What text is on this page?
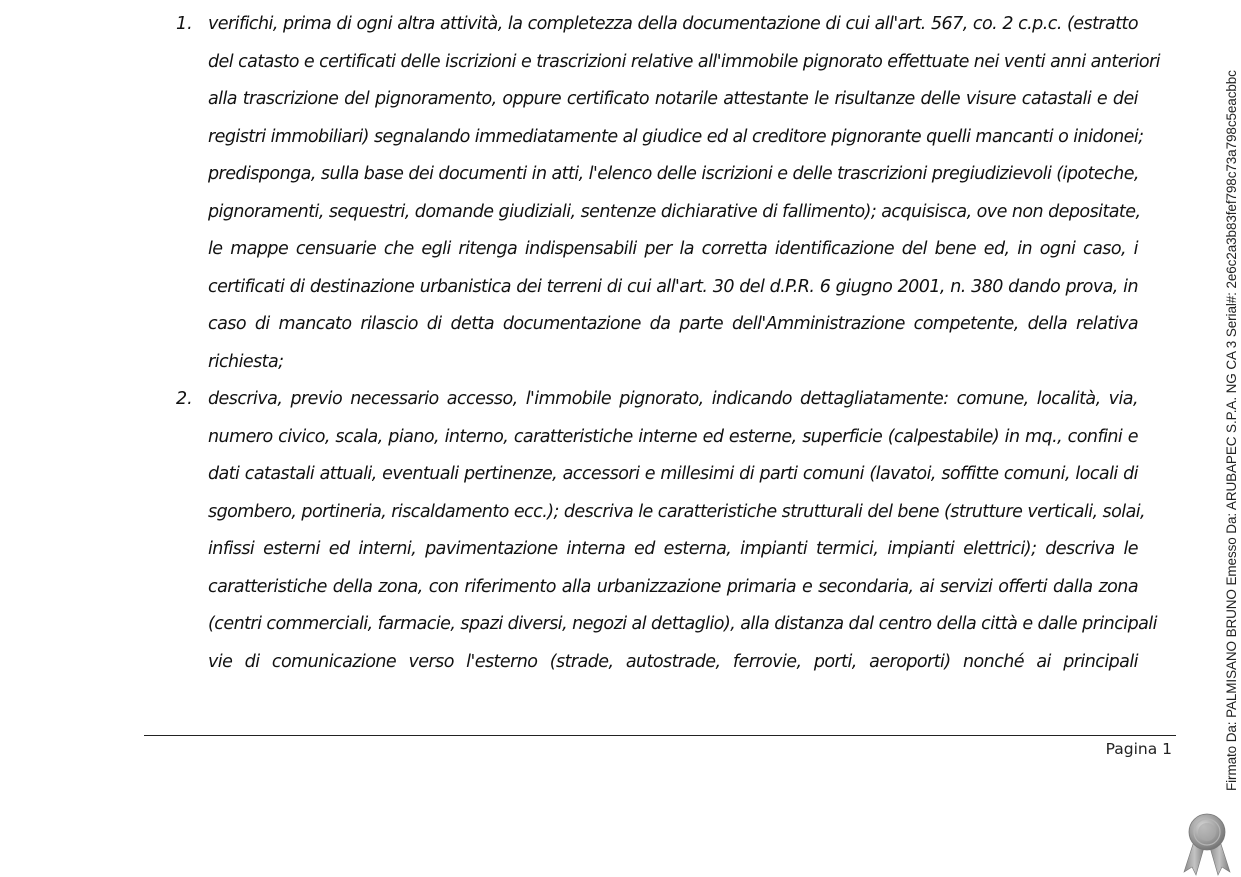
1. verifichi, prima di ogni altra attività, la completezza della documentazione di cui all'art. 567, co. 2 c.p.c. (estratto
del catasto e certificati delle iscrizioni e trascrizioni relative all'immobile pignorato effettuate nei venti anni anteriori
alla trascrizione del pignoramento, oppure certificato notarile attestante le risultanze delle visure catastali e dei
registri immobiliari) segnalando immediatamente al giudice ed al creditore pignorante quelli mancanti o inidonei;
predisponga, sulla base dei documenti in atti, l'elenco delle iscrizioni e delle trascrizioni pregiudizievoli (ipoteche,
pignoramenti, sequestri, domande giudiziali, sentenze dichiarative di fallimento); acquisisca, ove non depositate,
le mappe censuarie che egli ritenga indispensabili per la corretta identificazione del bene ed, in ogni caso, i
certificati di destinazione urbanistica dei terreni di cui all'art. 30 del d.P.R. 6 giugno 2001, n. 380 dando prova, in
caso di mancato rilascio di detta documentazione da parte dell'Amministrazione competente, della relativa
richiesta;
2. descriva, previo necessario accesso, l'immobile pignorato, indicando dettagliatamente: comune, località, via,
numero civico, scala, piano, interno, caratteristiche interne ed esterne, superficie (calpestabile) in mq., confini e
dati catastali attuali, eventuali pertinenze, accessori e millesimi di parti comuni (lavatoi, soffitte comuni, locali di
sgombero, portineria, riscaldamento ecc.); descriva le caratteristiche strutturali del bene (strutture verticali, solai,
infissi esterni ed interni, pavimentazione interna ed esterna, impianti termici, impianti elettrici); descriva le
caratteristiche della zona, con riferimento alla urbanizzazione primaria e secondaria, ai servizi offerti dalla zona
(centri commerciali, farmacie, spazi diversi, negozi al dettaglio), alla distanza dal centro della città e dalle principali
vie di comunicazione verso l'esterno (strade, autostrade, ferrovie, porti, aeroporti) nonché ai principali
Pagina 1	Firmato Da: PALMISANO BRUNO Emesso Da: ARUBAPEC S.P.A. NG CA 3 Serial#: 2e6c2a3b83fef798c73a798c5eacbbc
